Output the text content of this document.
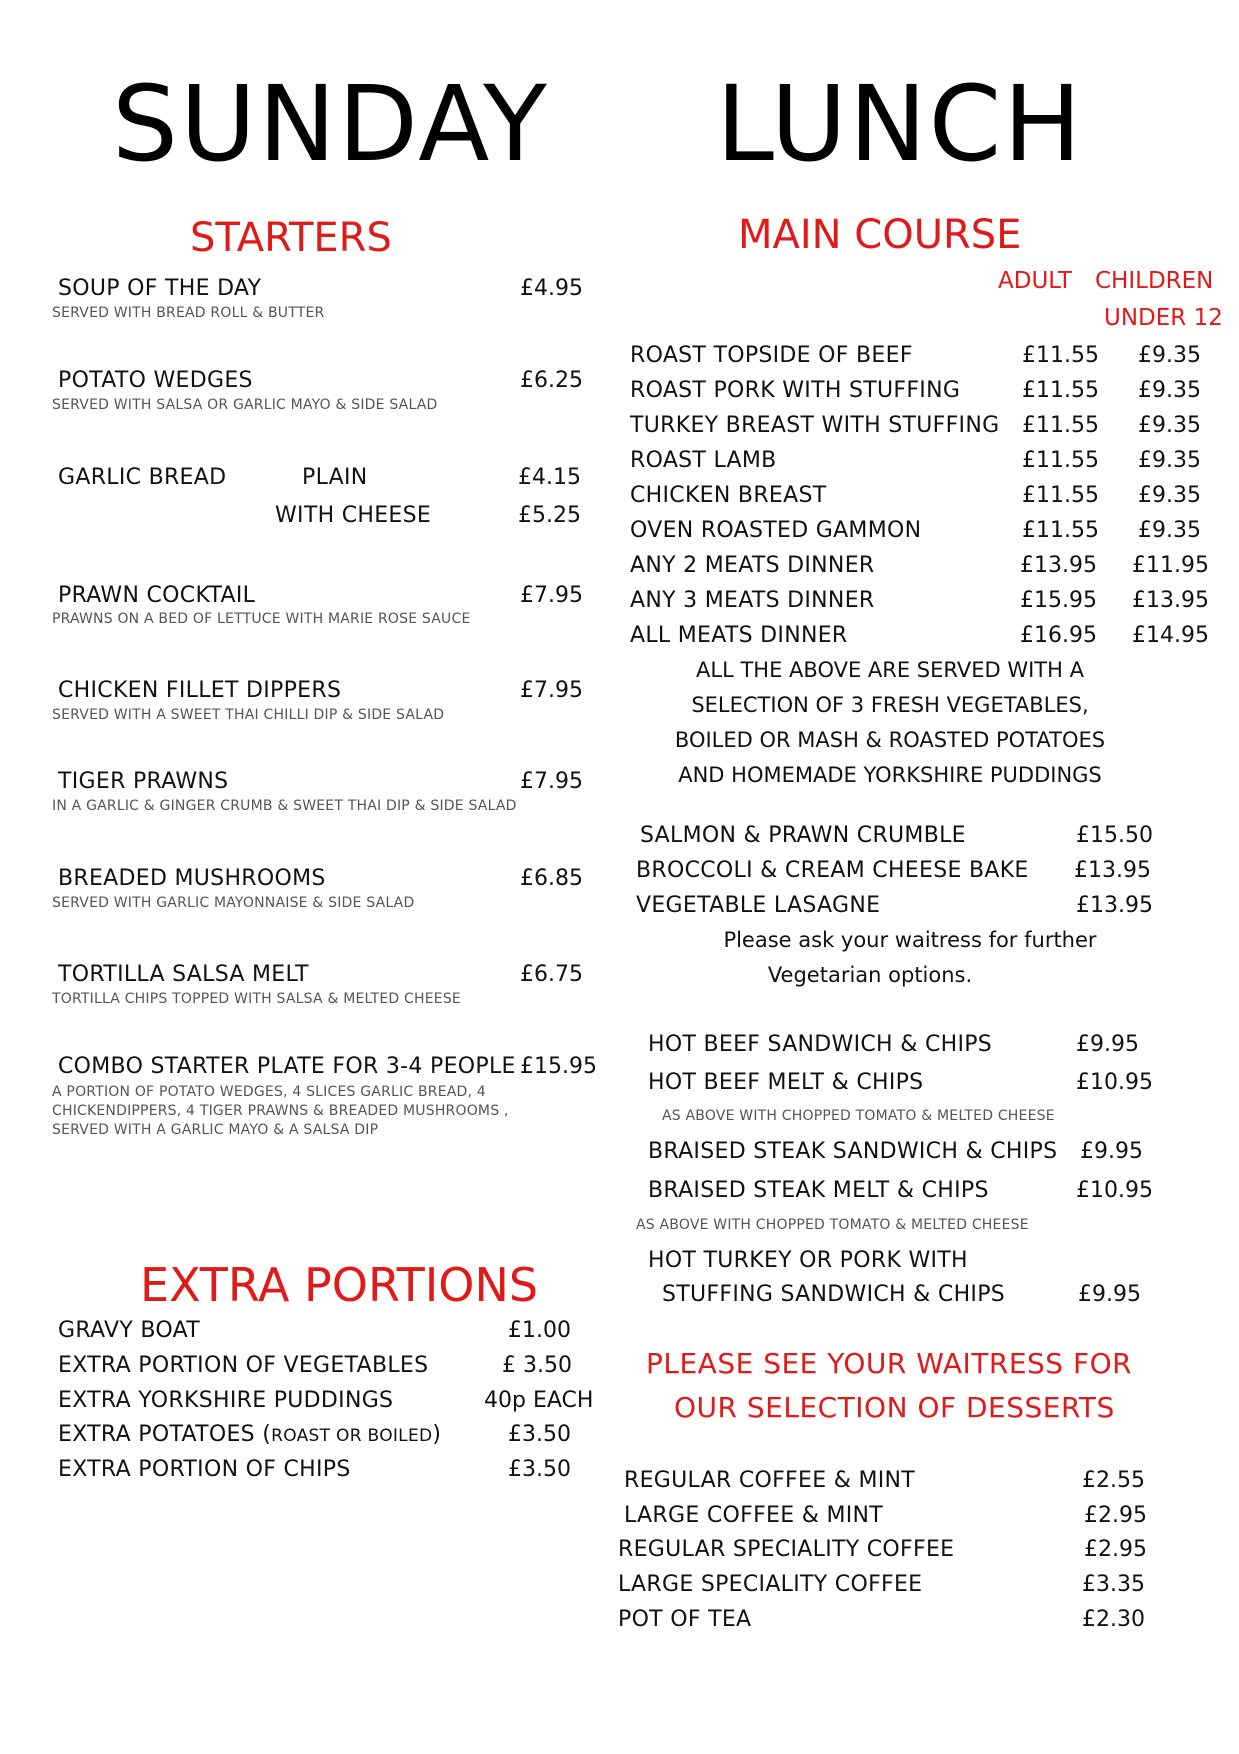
SUNDAY LUNCH
STARTERS
SOUP OF THE DAY	£4.95
SERVED WITH BREAD ROLL & BUTTER
POTATO WEDGES	£6.25
SERVED WITH SALSA OR GARLIC MAYO & SIDE SALAD
GARLIC BREAD	PLAIN	£4.15
WITH CHEESE	£5.25
PRAWN COCKTAIL	£7.95
PRAWNS ON A BED OF LETTUCE WITH MARIE ROSE SAUCE
CHICKEN FILLET DIPPERS	£7.95
SERVED WITH A SWEET THAI CHILLI DIP & SIDE SALAD
TIGER PRAWNS	£7.95
IN A GARLIC & GINGER CRUMB & SWEET THAI DIP & SIDE SALAD
BREADED MUSHROOMS	£6.85
SERVED WITH GARLIC MAYONNAISE & SIDE SALAD
TORTILLA SALSA MELT	£6.75
TORTILLA CHIPS TOPPED WITH SALSA & MELTED CHEESE
COMBO STARTER PLATE FOR 3-4 PEOPLE £15.95
A PORTION OF POTATO WEDGES, 4 SLICES GARLIC BREAD, 4 CHICKENDIPPERS, 4 TIGER PRAWNS & BREADED MUSHROOMS , SERVED WITH A GARLIC MAYO & A SALSA DIP
EXTRA PORTIONS
GRAVY BOAT	£1.00
EXTRA PORTION OF VEGETABLES	£ 3.50
EXTRA YORKSHIRE PUDDINGS	40p EACH
EXTRA POTATOES (ROAST OR BOILED)	£3.50
EXTRA PORTION OF CHIPS	£3.50
MAIN COURSE
ADULT CHILDREN
UNDER 12
ROAST TOPSIDE OF BEEF	£11.55 £9.35
ROAST PORK WITH STUFFING	£11.55 £9.35
TURKEY BREAST WITH STUFFING £11.55 £9.35
ROAST LAMB	£11.55 £9.35
CHICKEN BREAST	£11.55 £9.35
OVEN ROASTED GAMMON	£11.55 £9.35
ANY 2 MEATS DINNER	£13.95 £11.95
ANY 3 MEATS DINNER	£15.95 £13.95
ALL MEATS DINNER	£16.95 £14.95
ALL THE ABOVE ARE SERVED WITH A
SELECTION OF 3 FRESH VEGETABLES,
BOILED OR MASH & ROASTED POTATOES
AND HOMEMADE YORKSHIRE PUDDINGS
SALMON & PRAWN CRUMBLE	£15.50
BROCCOLI & CREAM CHEESE BAKE £13.95
VEGETABLE LASAGNE	£13.95
Please ask your waitress for further
Vegetarian options.
HOT BEEF SANDWICH & CHIPS	£9.95
HOT BEEF MELT & CHIPS	£10.95
AS ABOVE WITH CHOPPED TOMATO & MELTED CHEESE
BRAISED STEAK SANDWICH & CHIPS £9.95
BRAISED STEAK MELT & CHIPS	£10.95
AS ABOVE WITH CHOPPED TOMATO & MELTED CHEESE
HOT TURKEY OR PORK WITH
STUFFING SANDWICH & CHIPS	£9.95
PLEASE SEE YOUR WAITRESS FOR
OUR SELECTION OF DESSERTS
REGULAR COFFEE & MINT	£2.55
LARGE COFFEE & MINT	£2.95
REGULAR SPECIALITY COFFEE	£2.95
LARGE SPECIALITY COFFEE	£3.35
POT OF TEA	£2.30
